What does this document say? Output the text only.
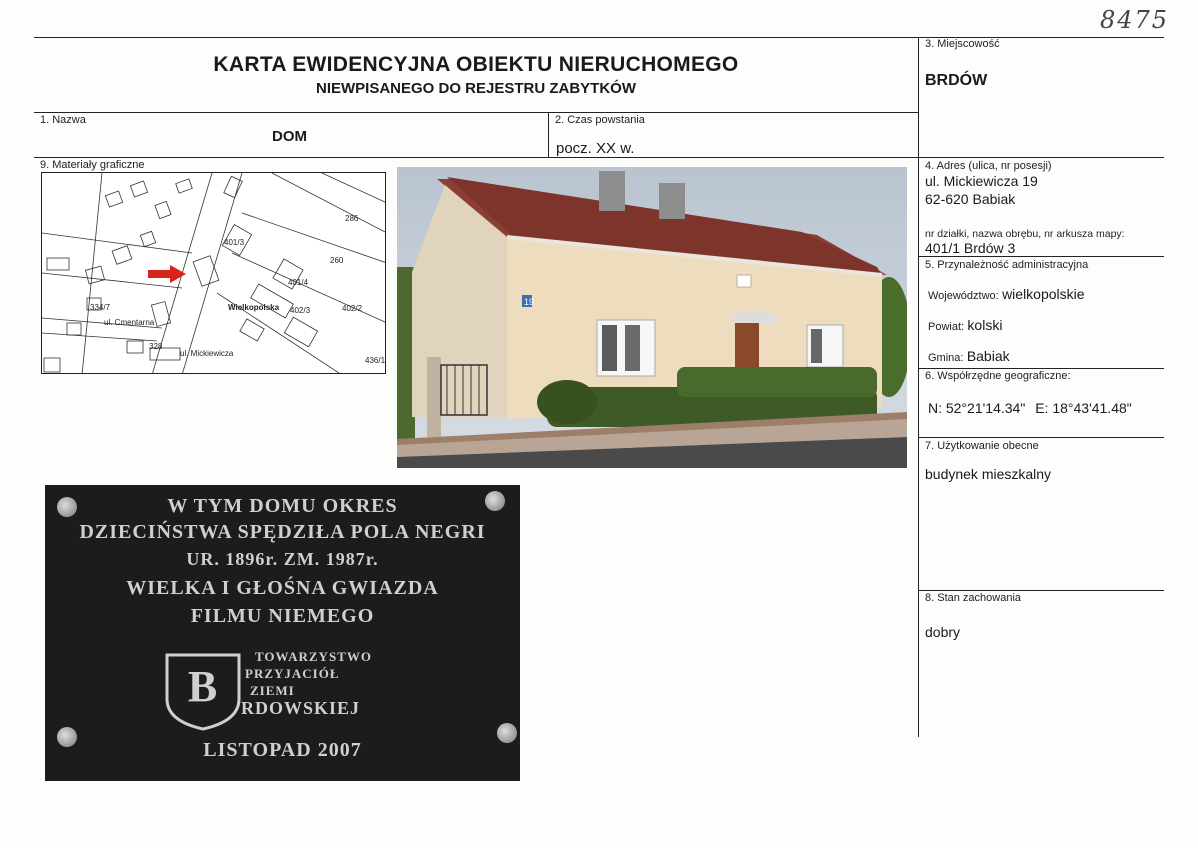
8475
KARTA EWIDENCYJNA OBIEKTU NIERUCHOMEGO
NIEWPISANEGO DO REJESTRU ZABYTKÓW
3. Miejscowość
BRDÓW
1. Nazwa
DOM
2. Czas powstania
pocz. XX w.
9. Materiały graficzne
ul. Cmentarna
ul. Mickiewicza
Wielkopolska
334/7
401/3
401/4
402/3
286
260
436/1
328
402/2
19
4. Adres (ulica, nr posesji)
ul. Mickiewicza 19
62-620 Babiak
nr działki, nazwa obrębu, nr arkusza mapy:
401/1 Brdów 3
5. Przynależność administracyjna
Województwo: wielkopolskie
Powiat: kolski
Gmina: Babiak
6. Współrzędne geograficzne:
N: 52°21'14.34" E: 18°43'41.48"
7. Użytkowanie obecne
budynek mieszkalny
8. Stan zachowania
dobry
W TYM DOMU OKRES
DZIECIŃSTWA SPĘDZIŁA POLA NEGRI
UR. 1896r. ZM. 1987r.
WIELKA I GŁOŚNA GWIAZDA
FILMU NIEMEGO
B
TOWARZYSTWO
PRZYJACIÓŁ
ZIEMI
RDOWSKIEJ
LISTOPAD 2007
